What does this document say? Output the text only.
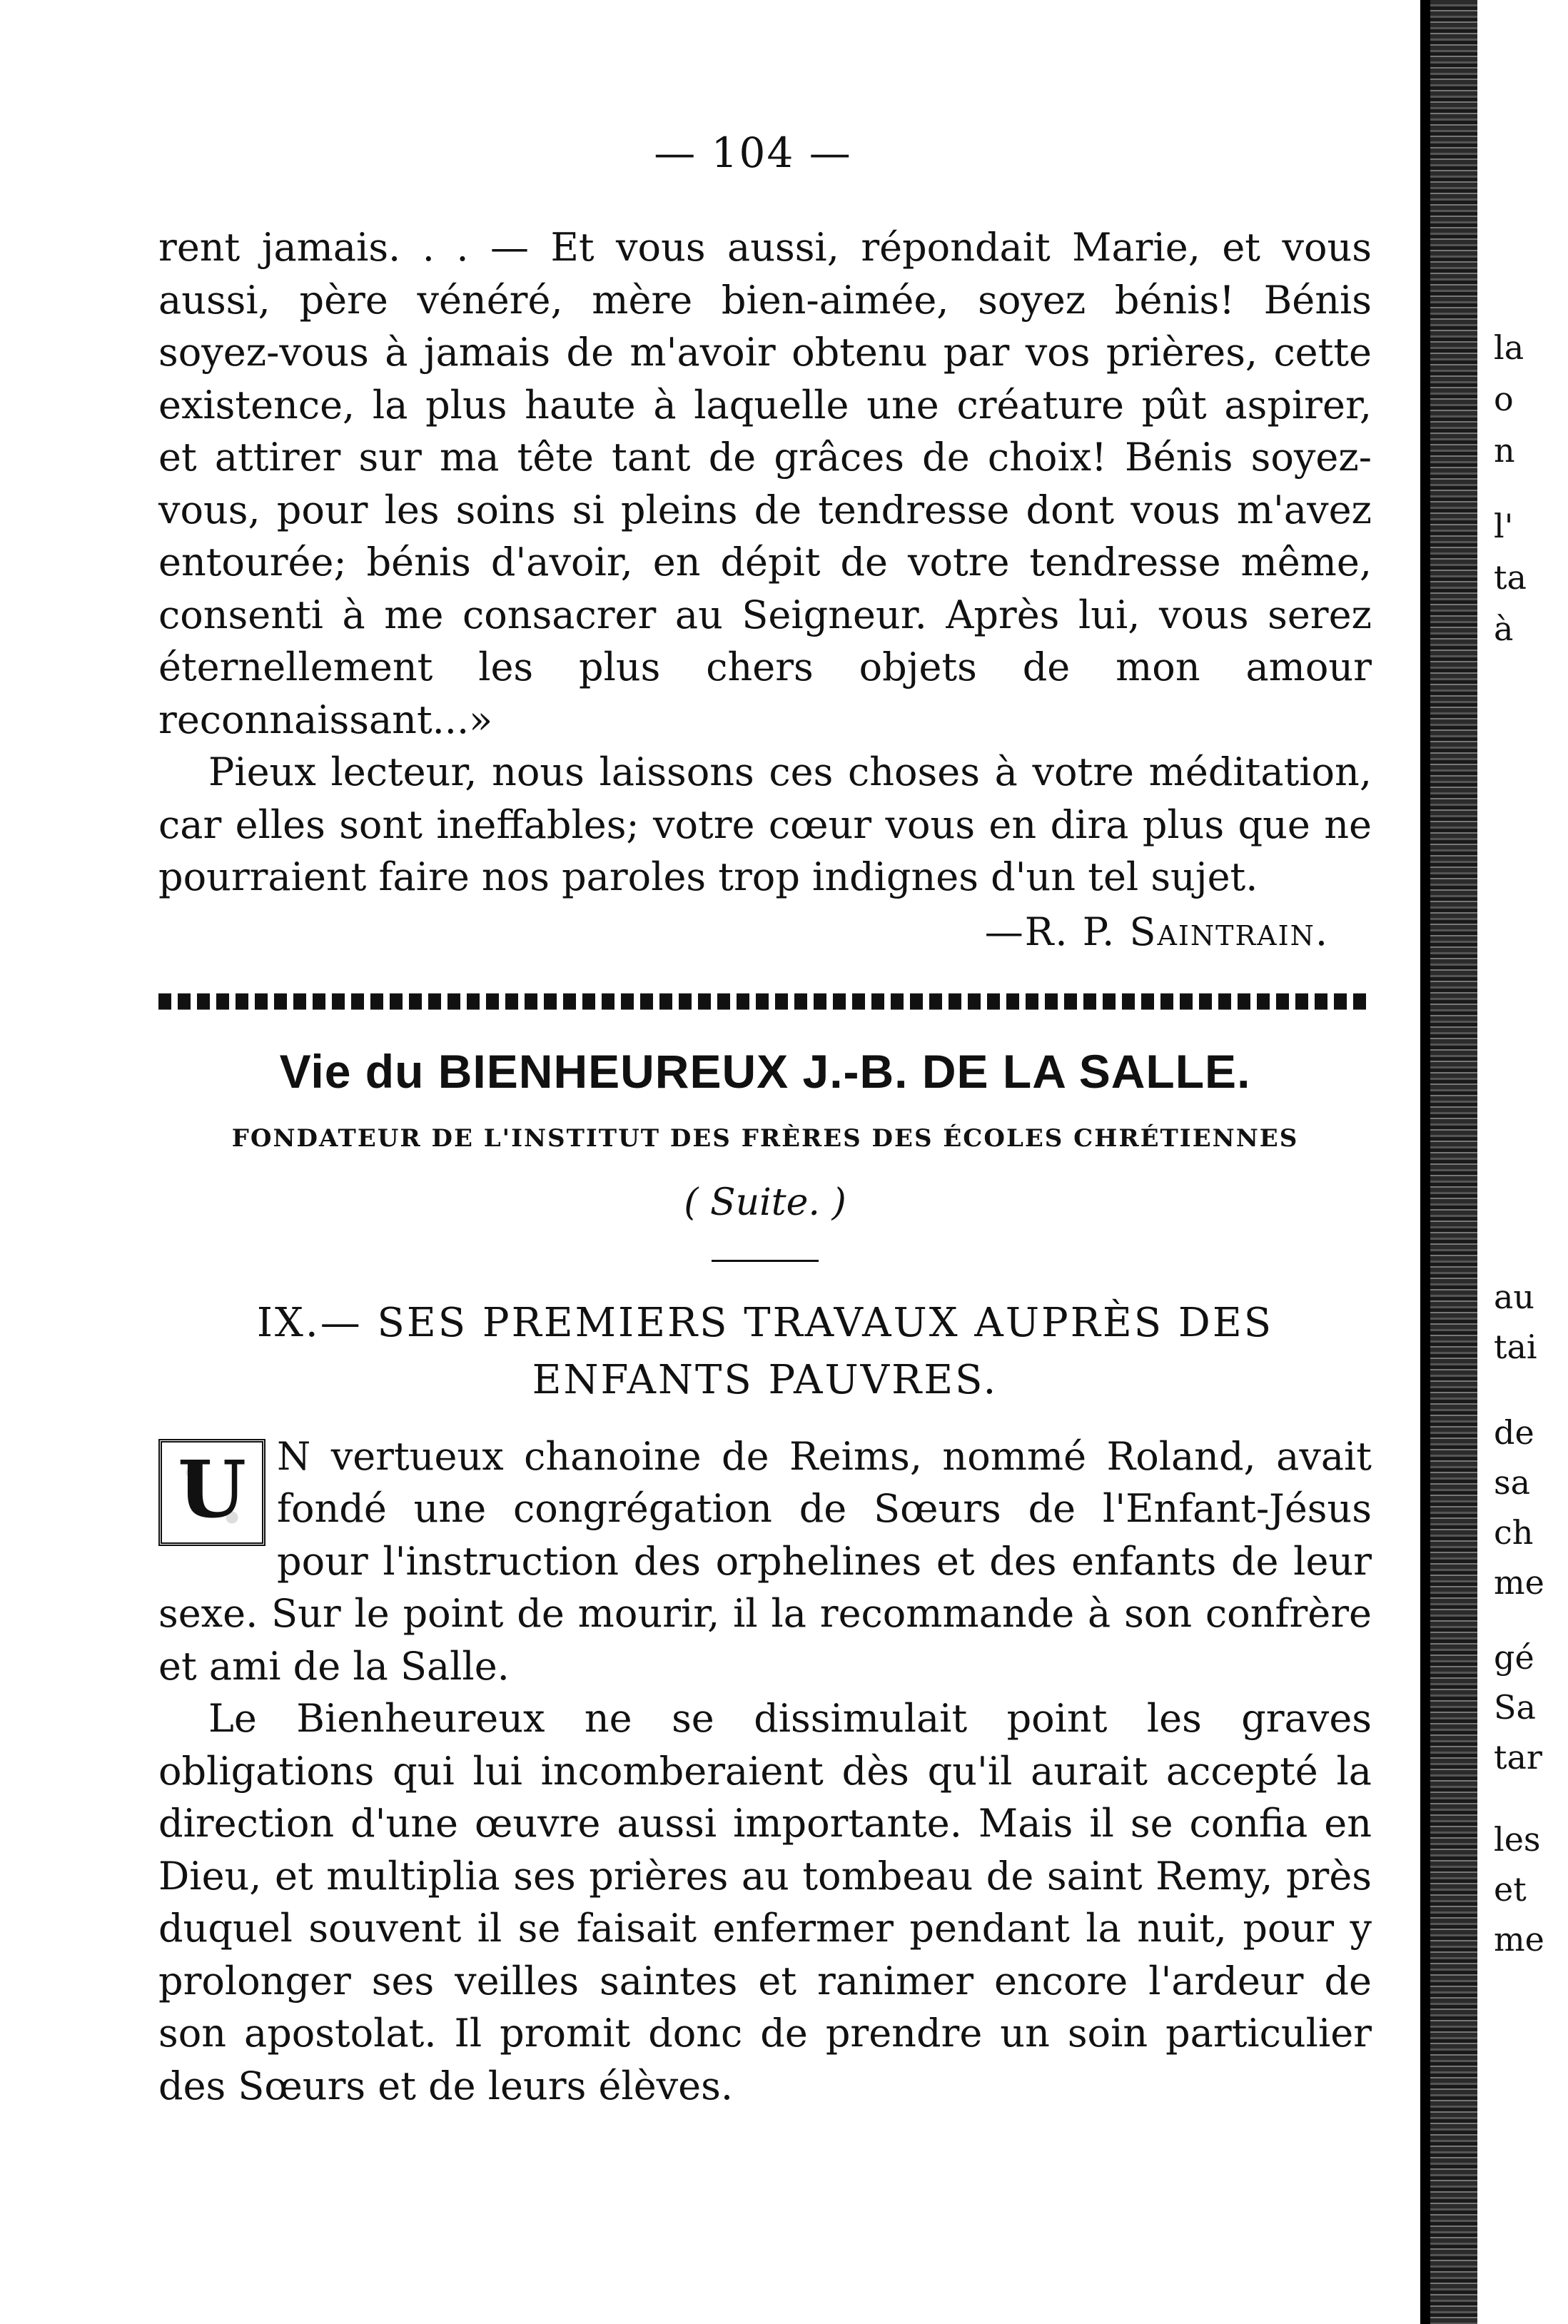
— 104 —

rent jamais. . . — Et vous aussi, répondait Marie, et vous aussi, père vénéré, mère bien-aimée, soyez bénis! Bénis soyez-vous à jamais de m'avoir obtenu par vos prières, cette existence, la plus haute à laquelle une créature pût aspirer, et attirer sur ma tête tant de grâces de choix! Bénis soyez-vous, pour les soins si pleins de tendresse dont vous m'avez entourée; bénis d'avoir, en dépit de votre tendresse même, consenti à me consacrer au Seigneur. Après lui, vous serez éternellement les plus chers objets de mon amour reconnaissant...»

Pieux lecteur, nous laissons ces choses à votre méditation, car elles sont ineffables; votre cœur vous en dira plus que ne pourraient faire nos paroles trop indignes d'un tel sujet.

—R. P. Saintrain.
Vie du BIENHEUREUX J.-B. DE LA SALLE.
FONDATEUR DE L'INSTITUT DES FRÈRES DES ÉCOLES CHRÉTIENNES
( Suite. )
IX.— SES PREMIERS TRAVAUX AUPRÈS DES
ENFANTS PAUVRES.
U N vertueux chanoine de Reims, nommé Roland, avait fondé une congrégation de Sœurs de l'Enfant-Jésus pour l'instruction des orphelines et des enfants de leur sexe. Sur le point de mourir, il la recommande à son confrère et ami de la Salle.

Le Bienheureux ne se dissimulait point les graves obligations qui lui incomberaient dès qu'il aurait accepté la direction d'une œuvre aussi importante. Mais il se confia en Dieu, et multiplia ses prières au tombeau de saint Remy, près duquel souvent il se faisait enfermer pendant la nuit, pour y prolonger ses veilles saintes et ranimer encore l'ardeur de son apostolat. Il promit donc de prendre un soin particulier des Sœurs et de leurs élèves.

la
o
n
l'
ta
à
au
tai
de
sa
ch
me
gé
Sa
tar
les
et
me
